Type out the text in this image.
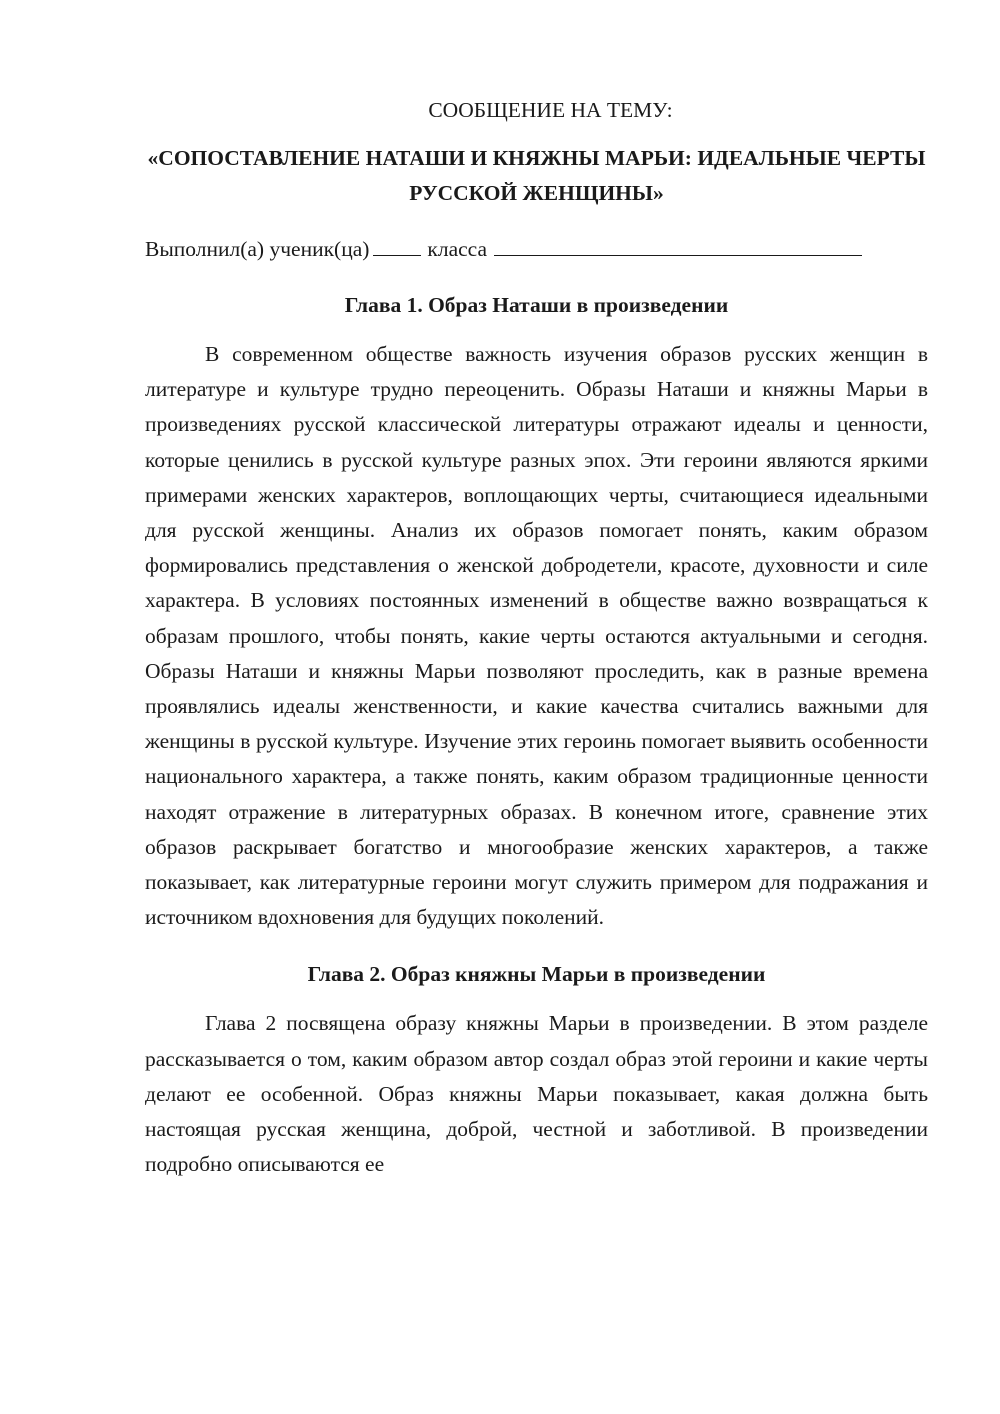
СООБЩЕНИЕ НА ТЕМУ:

«СОПОСТАВЛЕНИЕ НАТАШИ И КНЯЖНЫ МАРЬИ: ИДЕАЛЬНЫЕ ЧЕРТЫ РУССКОЙ ЖЕНЩИНЫ»

Выполнил(а) ученик(ца)	класса

Глава 1. Образ Наташи в произведении

В современном обществе важность изучения образов русских женщин в литературе и культуре трудно переоценить. Образы Наташи и княжны Марьи в произведениях русской классической литературы отражают идеалы и ценности, которые ценились в русской культуре разных эпох. Эти героини являются яркими примерами женских характеров, воплощающих черты, считающиеся идеальными для русской женщины. Анализ их образов помогает понять, каким образом формировались представления о женской добродетели, красоте, духовности и силе характера. В условиях постоянных изменений в обществе важно возвращаться к образам прошлого, чтобы понять, какие черты остаются актуальными и сегодня. Образы Наташи и княжны Марьи позволяют проследить, как в разные времена проявлялись идеалы женственности, и какие качества считались важными для женщины в русской культуре. Изучение этих героинь помогает выявить особенности национального характера, а также понять, каким образом традиционные ценности находят отражение в литературных образах. В конечном итоге, сравнение этих образов раскрывает богатство и многообразие женских характеров, а также показывает, как литературные героини могут служить примером для подражания и источником вдохновения для будущих поколений.

Глава 2. Образ княжны Марьи в произведении

Глава 2 посвящена образу княжны Марьи в произведении. В этом разделе рассказывается о том, каким образом автор создал образ этой героини и какие черты делают ее особенной. Образ княжны Марьи показывает, какая должна быть настоящая русская женщина, доброй, честной и заботливой. В произведении подробно описываются ее
